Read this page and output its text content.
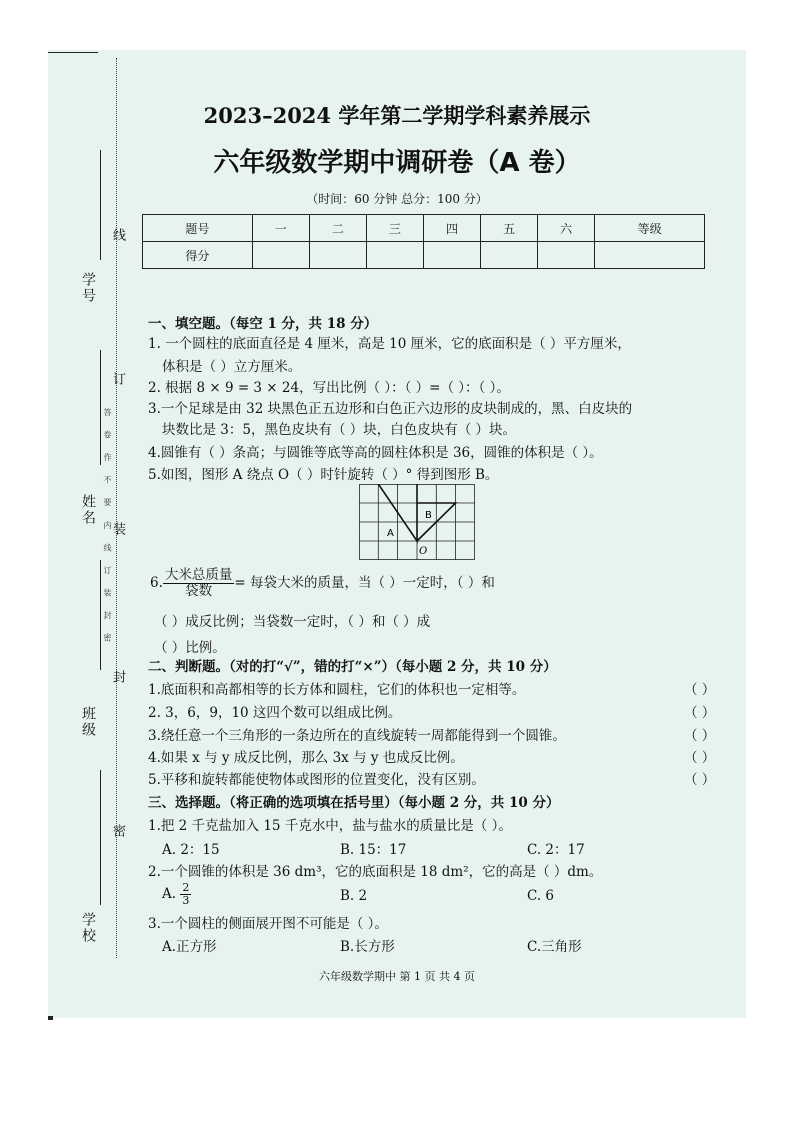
学号
线
订
姓名 答 卷 作 不 要 内 线 订 装 封 密
装
封
班级
密
学校
2023–2024 学年第二学期学科素养展示
六年级数学期中调研卷（A 卷）
（时间：60 分钟 总分：100 分）
题号	一	二	三	四	五	六	等级
得分							
一、填空题。（每空 1 分，共 18 分）
1. 一个圆柱的底面直径是 4 厘米，高是 10 厘米，它的底面积是（ ）平方厘米，
体积是（ ）立方厘米。
2. 根据 8 × 9 = 3 × 24，写出比例（ ）：（ ）=（ ）：（ ）。
3.一个足球是由 32 块黑色正五边形和白色正六边形的皮块制成的，黑、白皮块的
块数比是 3：5，黑色皮块有（ ）块，白色皮块有（ ）块。
4.圆锥有（ ）条高；与圆锥等底等高的圆柱体积是 36，圆锥的体积是（ ）。
5.如图，图形 A 绕点 O（ ）时针旋转（ ）° 得到图形 B。
A
B
O
6. $\frac{\text{大米总质量}}{\text{袋数}}$ = 每袋大米的质量，当（ ）一定时，（ ）和
（ ）成反比例；当袋数一定时，（ ）和（ ）成
（ ）比例。
二、判断题。（对的打“√”，错的打“×”）（每小题 2 分，共 10 分）
1.底面积和高都相等的长方体和圆柱，它们的体积也一定相等。	（ ）
2. 3，6，9，10 这四个数可以组成比例。	（ ）
3.绕任意一个三角形的一条边所在的直线旋转一周都能得到一个圆锥。	（ ）
4.如果 x 与 y 成反比例，那么 3x 与 y 也成反比例。	（ ）
5.平移和旋转都能使物体或图形的位置变化，没有区别。	（ ）
三、选择题。（将正确的选项填在括号里）（每小题 2 分，共 10 分）
1.把 2 千克盐加入 15 千克水中，盐与盐水的质量比是（ ）。
A. 2：15	B. 15：17	C. 2：17
2.一个圆锥的体积是 36 dm³，它的底面积是 18 dm²，它的高是（ ）dm。
A. $\frac{2}{3}$	B. 2	C. 6
3.一个圆柱的侧面展开图不可能是（ ）。
A.正方形	B.长方形	C.三角形
六年级数学期中 第 1 页 共 4 页
